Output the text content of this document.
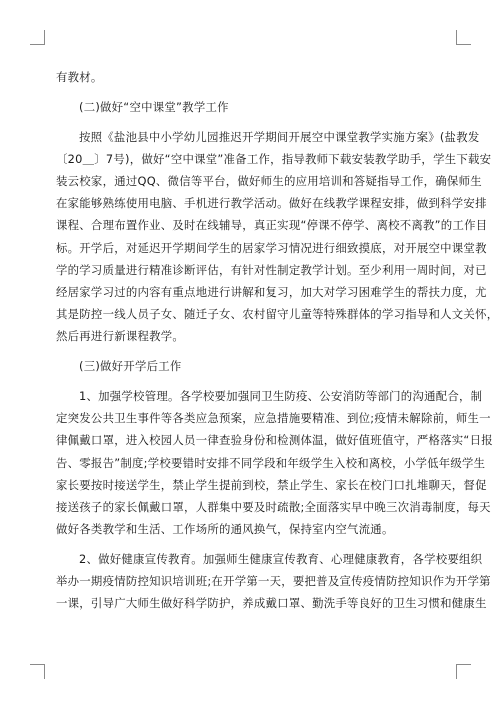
有教材。

(二)做好“空中课堂”教学工作

按照《盐池县中小学幼儿园推迟开学期间开展空中课堂教学实施方案》(盐教发

〔20＿〕7号)，做好“空中课堂”准备工作，指导教师下载安装教学助手，学生下载安

装云校家，通过QQ、微信等平台，做好师生的应用培训和答疑指导工作，确保师生

在家能够熟练使用电脑、手机进行教学活动。做好在线教学课程安排，做到科学安排

课程、合理布置作业、及时在线辅导，真正实现“停课不停学、离校不离教”的工作目

标。开学后，对延迟开学期间学生的居家学习情况进行细致摸底，对开展空中课堂教

学的学习质量进行精准诊断评估，有针对性制定教学计划。至少利用一周时间，对已

经居家学习过的内容有重点地进行讲解和复习，加大对学习困难学生的帮扶力度，尤

其是防控一线人员子女、随迁子女、农村留守儿童等特殊群体的学习指导和人文关怀，

然后再进行新课程教学。

(三)做好开学后工作

1、加强学校管理。各学校要加强同卫生防疫、公安消防等部门的沟通配合，制

定突发公共卫生事件等各类应急预案，应急措施要精准、到位;疫情未解除前，师生一

律佩戴口罩，进入校园人员一律查验身份和检测体温，做好值班值守，严格落实“日报

告、零报告”制度;学校要错时安排不同学段和年级学生入校和离校，小学低年级学生

家长要按时接送学生，禁止学生提前到校，禁止学生、家长在校门口扎堆聊天，督促

接送孩子的家长佩戴口罩，人群集中要及时疏散;全面落实早中晚三次消毒制度，每天

做好各类教学和生活、工作场所的通风换气，保持室内空气流通。

2、做好健康宣传教育。加强师生健康宣传教育、心理健康教育，各学校要组织

举办一期疫情防控知识培训班;在开学第一天，要把普及宣传疫情防控知识作为开学第

一课，引导广大师生做好科学防护，养成戴口罩、勤洗手等良好的卫生习惯和健康生
